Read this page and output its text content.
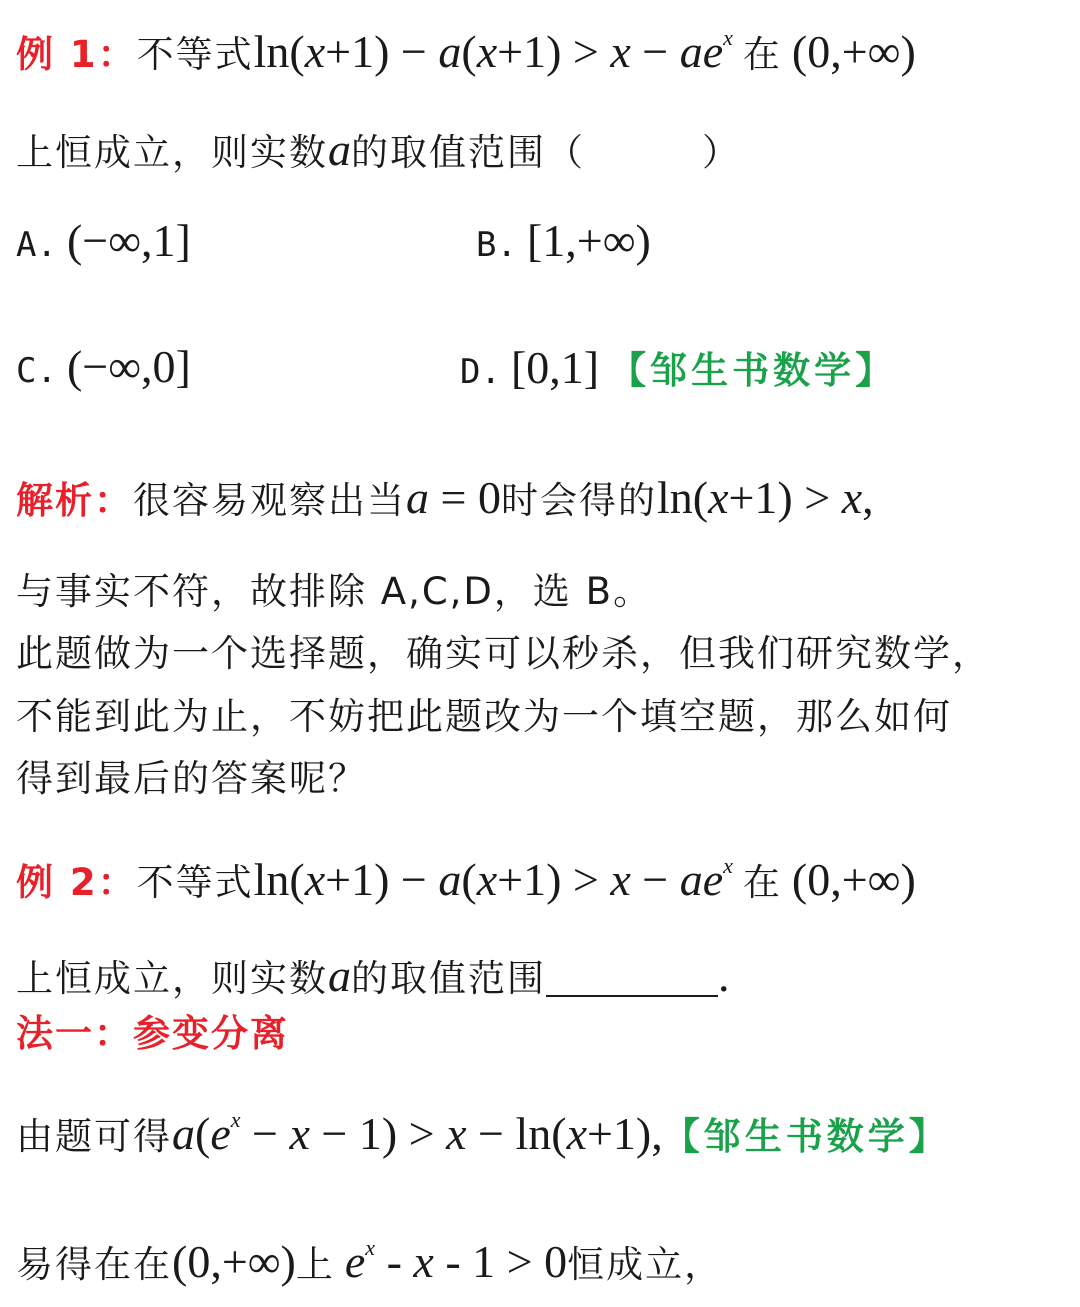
例 1：不等式$\ln(x+1) - a(x+1) > x - ae^x$ 在 (0,+∞)
上恒成立，则实数a的取值范围（　　　）
A. (−∞,1]	B. [1,+∞)
C. (−∞,0]	D. [0,1] 【邹生书数学】
解析：很容易观察出当a = 0时会得的ln(x+1) > x,
与事实不符，故排除 A,C,D，选 B。
此题做为一个选择题，确实可以秒杀，但我们研究数学，
不能到此为止，不妨把此题改为一个填空题，那么如何
得到最后的答案呢？
例 2：不等式$\ln(x+1) - a(x+1) > x - ae^x$ 在 (0,+∞)
上恒成立，则实数a的取值范围	.
法一：参变分离
由题可得$a(e^x - x - 1) > x - \ln(x+1)$,【邹生书数学】
易得在在(0,+∞)上 $e^x - x - 1 > 0$恒成立，
